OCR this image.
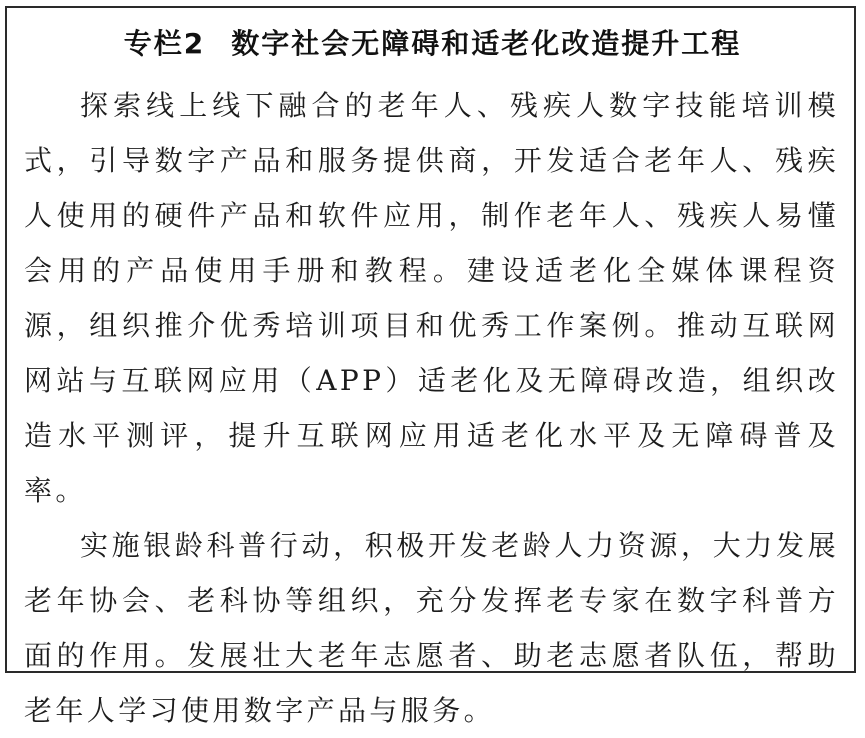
专栏2 数字社会无障碍和适老化改造提升工程

探索线上线下融合的老年人、残疾人数字技能培训模式，引导数字产品和服务提供商，开发适合老年人、残疾人使用的硬件产品和软件应用，制作老年人、残疾人易懂会用的产品使用手册和教程。建设适老化全媒体课程资源，组织推介优秀培训项目和优秀工作案例。推动互联网网站与互联网应用（APP）适老化及无障碍改造，组织改造水平测评，提升互联网应用适老化水平及无障碍普及率。

实施银龄科普行动，积极开发老龄人力资源，大力发展老年协会、老科协等组织，充分发挥老专家在数字科普方面的作用。发展壮大老年志愿者、助老志愿者队伍，帮助老年人学习使用数字产品与服务。
